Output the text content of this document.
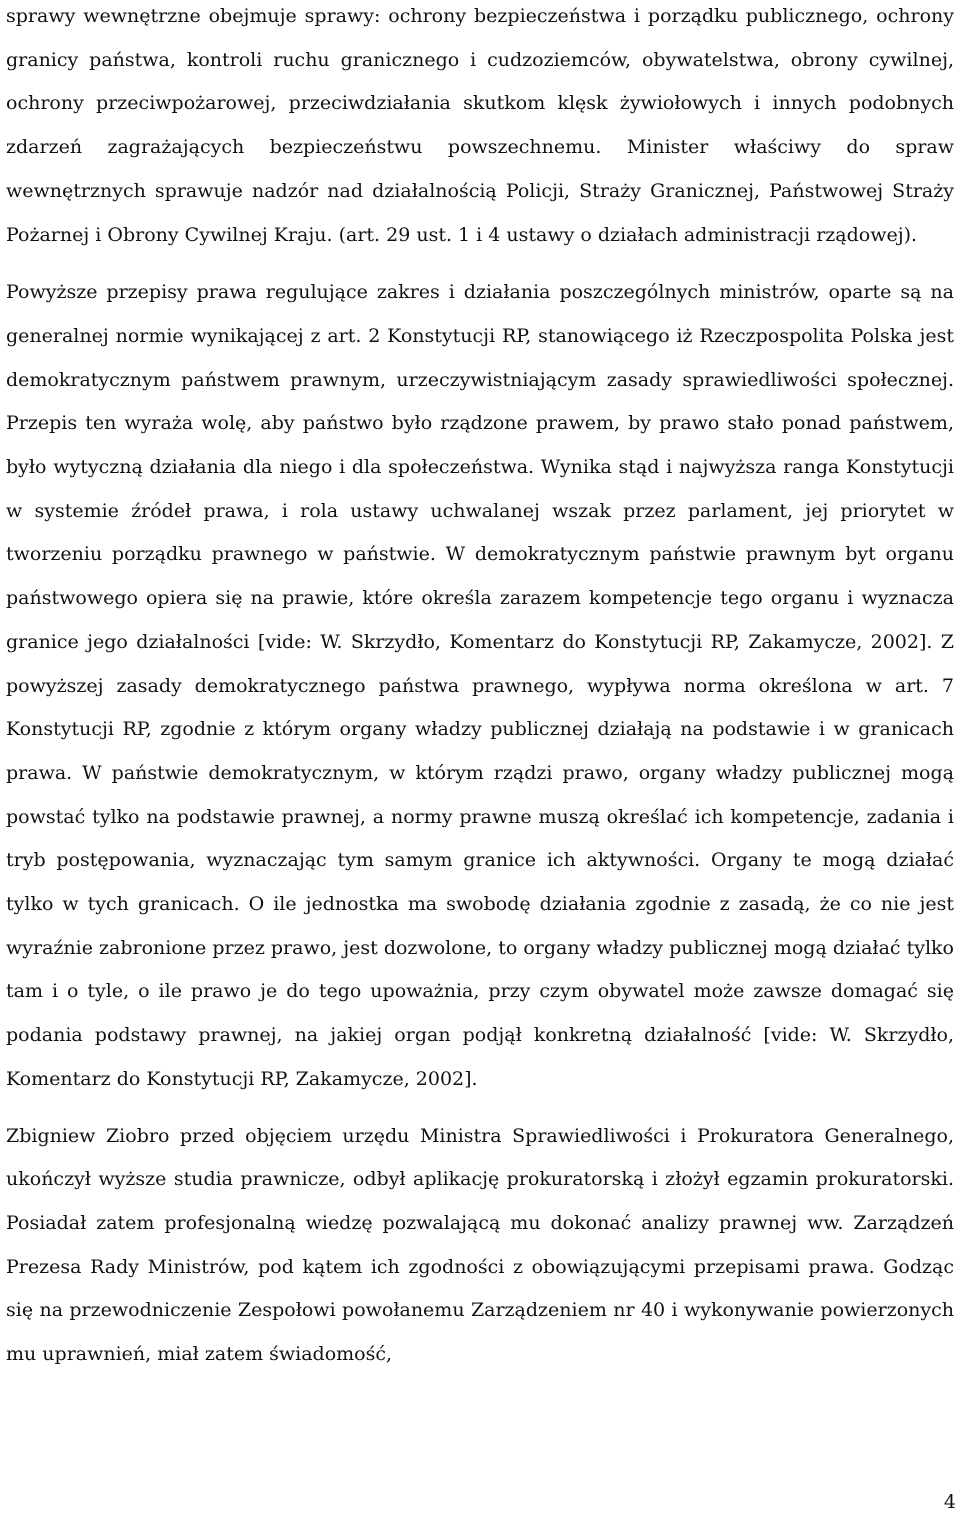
sprawy wewnętrzne obejmuje sprawy: ochrony bezpieczeństwa i porządku publicznego, ochrony granicy państwa, kontroli ruchu granicznego i cudzoziemców, obywatelstwa, obrony cywilnej, ochrony przeciwpożarowej, przeciwdziałania skutkom klęsk żywiołowych i innych podobnych zdarzeń zagrażających bezpieczeństwu powszechnemu. Minister właściwy do spraw wewnętrznych sprawuje nadzór nad działalnością Policji, Straży Granicznej, Państwowej Straży Pożarnej i Obrony Cywilnej Kraju. (art. 29 ust. 1 i 4 ustawy o działach administracji rządowej).

Powyższe przepisy prawa regulujące zakres i działania poszczególnych ministrów, oparte są na generalnej normie wynikającej z art. 2 Konstytucji RP, stanowiącego iż Rzeczpospolita Polska jest demokratycznym państwem prawnym, urzeczywistniającym zasady sprawiedliwości społecznej. Przepis ten wyraża wolę, aby państwo było rządzone prawem, by prawo stało ponad państwem, było wytyczną działania dla niego i dla społeczeństwa. Wynika stąd i najwyższa ranga Konstytucji w systemie źródeł prawa, i rola ustawy uchwalanej wszak przez parlament, jej priorytet w tworzeniu porządku prawnego w państwie. W demokratycznym państwie prawnym byt organu państwowego opiera się na prawie, które określa zarazem kompetencje tego organu i wyznacza granice jego działalności [vide: W. Skrzydło, Komentarz do Konstytucji RP, Zakamycze, 2002]. Z powyższej zasady demokratycznego państwa prawnego, wypływa norma określona w art. 7 Konstytucji RP, zgodnie z którym organy władzy publicznej działają na podstawie i w granicach prawa. W państwie demokratycznym, w którym rządzi prawo, organy władzy publicznej mogą powstać tylko na podstawie prawnej, a normy prawne muszą określać ich kompetencje, zadania i tryb postępowania, wyznaczając tym samym granice ich aktywności. Organy te mogą działać tylko w tych granicach. O ile jednostka ma swobodę działania zgodnie z zasadą, że co nie jest wyraźnie zabronione przez prawo, jest dozwolone, to organy władzy publicznej mogą działać tylko tam i o tyle, o ile prawo je do tego upoważnia, przy czym obywatel może zawsze domagać się podania podstawy prawnej, na jakiej organ podjął konkretną działalność [vide: W. Skrzydło, Komentarz do Konstytucji RP, Zakamycze, 2002].

Zbigniew Ziobro przed objęciem urzędu Ministra Sprawiedliwości i Prokuratora Generalnego, ukończył wyższe studia prawnicze, odbył aplikację prokuratorską i złożył egzamin prokuratorski. Posiadał zatem profesjonalną wiedzę pozwalającą mu dokonać analizy prawnej ww. Zarządzeń Prezesa Rady Ministrów, pod kątem ich zgodności z obowiązującymi przepisami prawa. Godząc się na przewodniczenie Zespołowi powołanemu Zarządzeniem nr 40 i wykonywanie powierzonych mu uprawnień, miał zatem świadomość,

4
